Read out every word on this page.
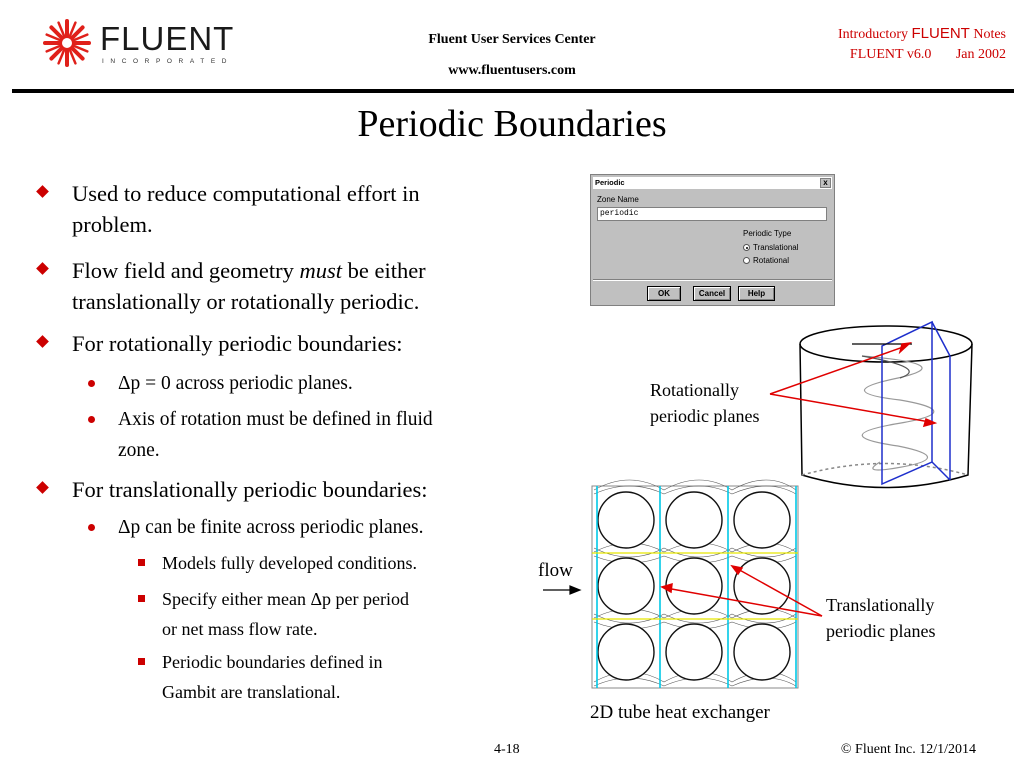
FLUENT
INCORPORATED
Fluent User Services Center
www.fluentusers.com
Introductory FLUENT Notes
FLUENT v6.0 Jan 2002
Periodic Boundaries
Used to reduce computational effort in
problem.
Flow field and geometry must be either
translationally or rotationally periodic.
For rotationally periodic boundaries:
Δp = 0 across periodic planes.
Axis of rotation must be defined in fluid
zone.
For translationally periodic boundaries:
Δp can be finite across periodic planes.
Models fully developed conditions.
Specify either mean Δp per period
or net mass flow rate.
Periodic boundaries defined in
Gambit are translational.
Periodic	x
Zone Name
periodic
Periodic Type
Translational
Rotational
OK	Cancel	Help
Rotationally
periodic planes
flow
Translationally
periodic planes
2D tube heat exchanger
4-18	© Fluent Inc. 12/1/2014
